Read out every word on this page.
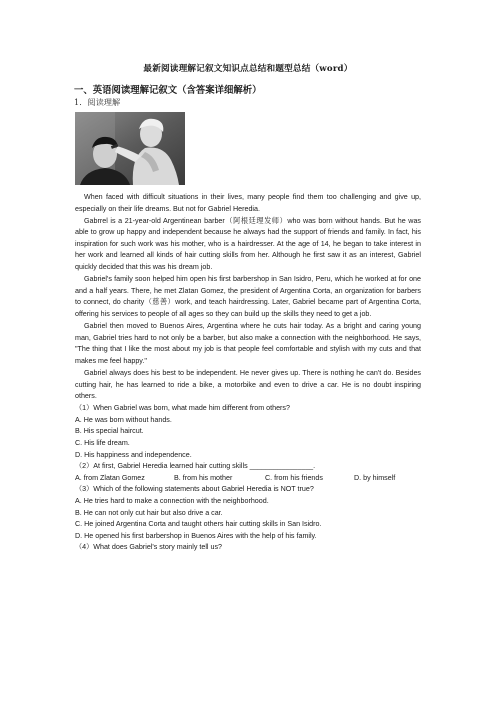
最新阅读理解记叙文知识点总结和题型总结（word）
一、英语阅读理解记叙文（含答案详细解析）
1．阅读理解

When faced with difficult situations in their lives, many people find them too challenging and give up, especially on their life dreams. But not for Gabriel Heredia.

Gabrrel is a 21-year-old Argentinean barber（阿根廷理发师）who was born without hands. But he was able to grow up happy and independent because he always had the support of friends and family. In fact, his inspiration for such work was his mother, who is a hairdresser. At the age of 14, he began to take interest in her work and learned all kinds of hair cutting skills from her. Although he first saw it as an interest, Gabriel quickly decided that this was his dream job.

Gabriel's family soon helped him open his first barbershop in San Isidro, Peru, which he worked at for one and a half years. There, he met Zlatan Gomez, the president of Argentina Corta, an organization for barbers to connect, do charity（慈善）work, and teach hairdressing. Later, Gabriel became part of Argentina Corta, offering his services to people of all ages so they can build up the skills they need to get a job.

Gabriel then moved to Buenos Aires, Argentina where he cuts hair today. As a bright and caring young man, Gabriel tries hard to not only be a barber, but also make a connection with the neighborhood. He says, "The thing that I like the most about my job is that people feel comfortable and stylish with my cuts and that makes me feel happy."

Gabriel always does his best to be independent. He never gives up. There is nothing he can't do. Besides cutting hair, he has learned to ride a bike, a motorbike and even to drive a car. He is no doubt inspiring others.

（1）When Gabriel was born, what made him different from others?

A. He was born without hands.

B. His special haircut.

C. His life dream.

D. His happiness and independence.

（2）At first, Gabriel Heredia learned hair cutting skills ________________.

A. from Zlatan Gomez	B. from his mother	C. from his friends	D. by himself

（3）Which of the following statements about Gabriel Heredia is NOT true?

A. He tries hard to make a connection with the neighborhood.

B. He can not only cut hair but also drive a car.

C. He joined Argentina Corta and taught others hair cutting skills in San Isidro.

D. He opened his first barbershop in Buenos Aires with the help of his family.

（4）What does Gabriel's story mainly tell us?
